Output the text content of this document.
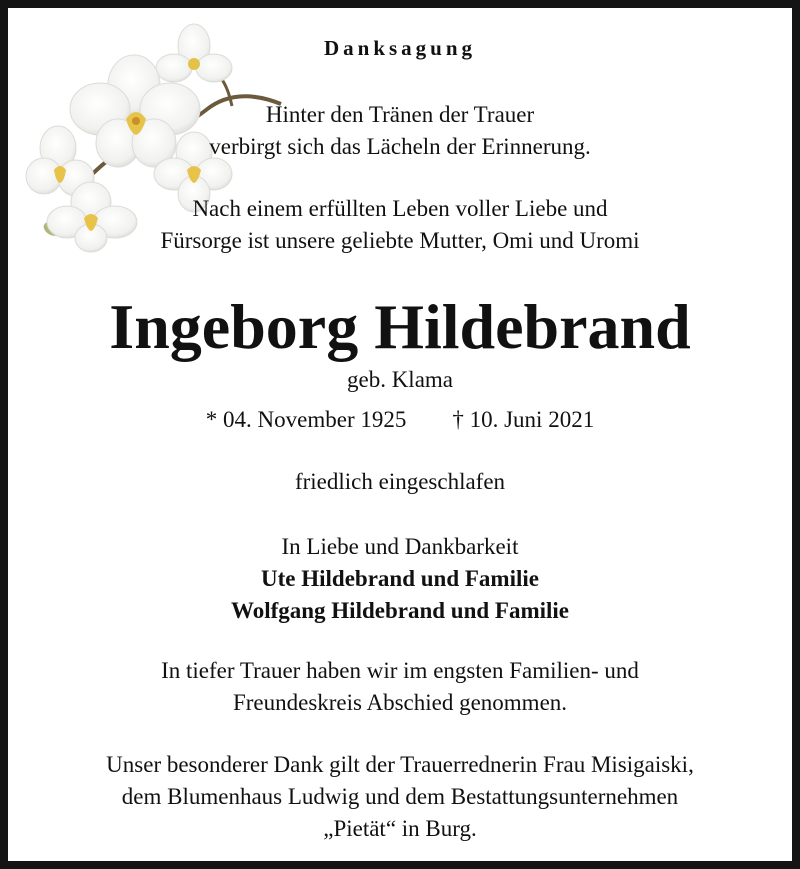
Danksagung
Hinter den Tränen der Trauer
verbirgt sich das Lächeln der Erinnerung.
Nach einem erfüllten Leben voller Liebe und
Fürsorge ist unsere geliebte Mutter, Omi und Uromi
Ingeborg Hildebrand
geb. Klama
* 04. November 1925 † 10. Juni 2021
friedlich eingeschlafen
In Liebe und Dankbarkeit
Ute Hildebrand und Familie
Wolfgang Hildebrand und Familie
In tiefer Trauer haben wir im engsten Familien- und
Freundeskreis Abschied genommen.
Unser besonderer Dank gilt der Trauerrednerin Frau Misigaiski,
dem Blumenhaus Ludwig und dem Bestattungsunternehmen
„Pietät“ in Burg.
